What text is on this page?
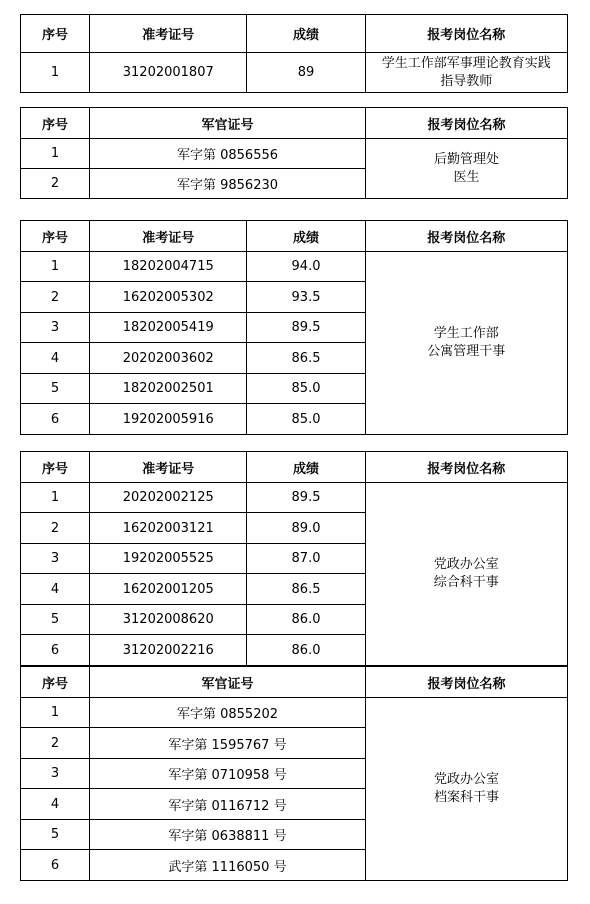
序号	准考证号	成绩	报考岗位名称
1	31202001807	89	学生工作部军事理论教育实践
指导教师
序号	军官证号	报考岗位名称
1	军字第 0856556	后勤管理处
医生

2	军字第 9856230	
序号	准考证号	成绩	报考岗位名称
1	18202004715	94.0	学生工作部
公寓管理干事

2	16202005302	93.5	
3	18202005419	89.5	
4	20202003602	86.5	
5	18202002501	85.0	
6	19202005916	85.0	
序号	准考证号	成绩	报考岗位名称
1	20202002125	89.5	党政办公室
综合科干事

2	16202003121	89.0	
3	19202005525	87.0	
4	16202001205	86.5	
5	31202008620	86.0	
6	31202002216	86.0	
序号	军官证号	报考岗位名称
1	军字第 0855202	党政办公室
档案科干事

2	军字第 1595767 号	
3	军字第 0710958 号	
4	军字第 0116712 号	
5	军字第 0638811 号	
6	武字第 1116050 号	
